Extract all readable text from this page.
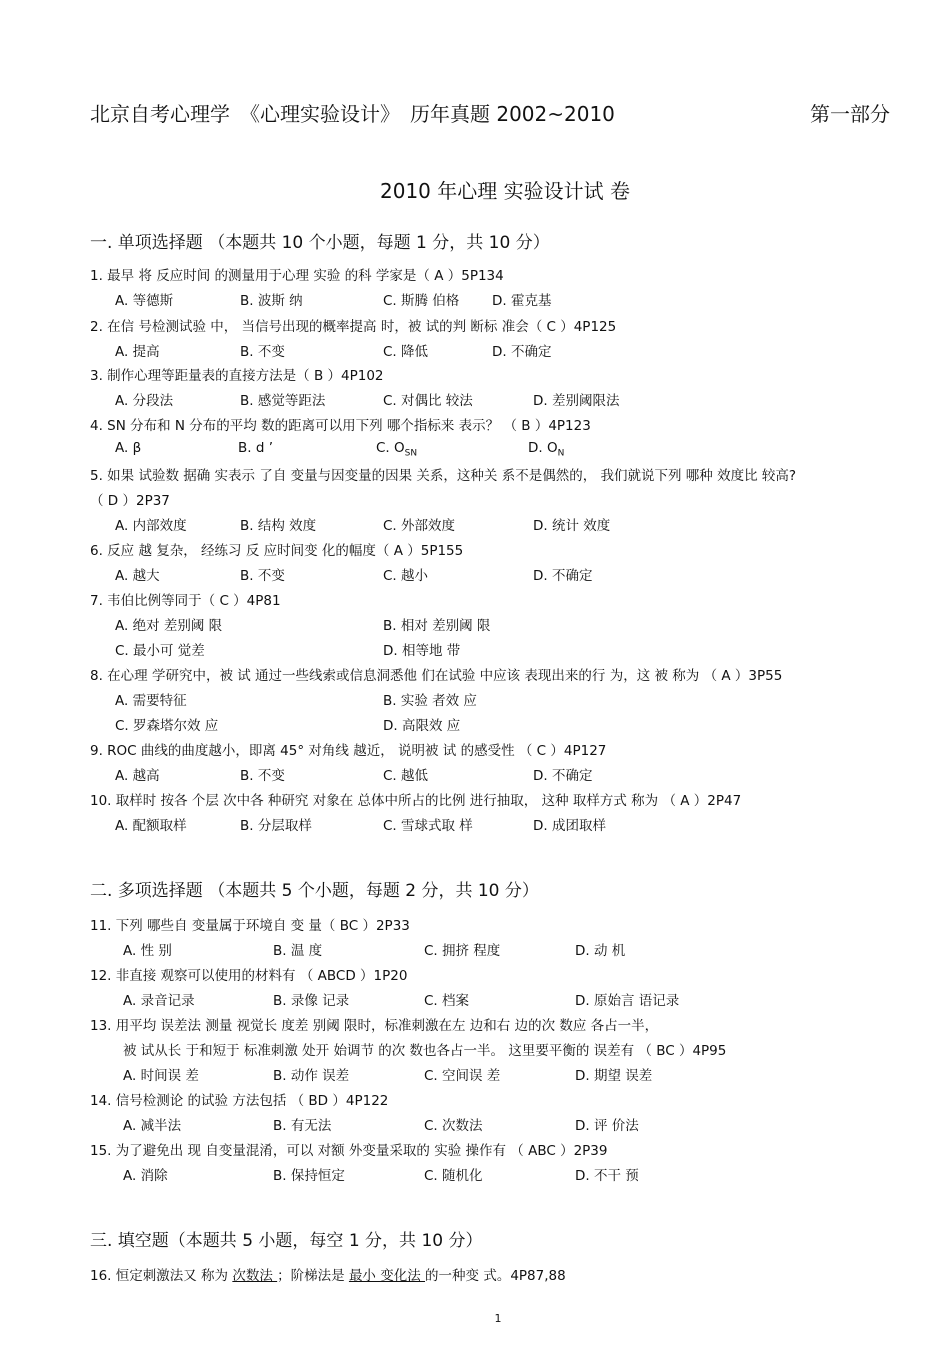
北京自考心理学　《心理实验设计》　历年真题 2002~2010	第一部分
2010 年心理 实验设计试 卷
一. 单项选择题 （本题共 10 个小题，每题 1 分，共 10 分）
1. 最早 将 反应时间 的测量用于心理 实验 的科 学家是（ A ）5P134
A. 等德斯	B. 波斯 纳	C. 斯腾 伯格 D. 霍克基
2. 在信 号检测试验 中， 当信号出现的概率提高 时，被 试的判 断标 准会（ C ）4P125
A. 提高	B. 不变	C. 降低	D. 不确定
3. 制作心理等距量表的直接方法是（ B ）4P102
A. 分段法	B. 感觉等距法	C. 对偶比 较法	D. 差别阈限法
4. SN 分布和 N 分布的平均 数的距离可以用下列 哪个指标来 表示？ （ B ）4P123
A. β	B. d ’	C. $O_{SN}$	D. $O_N$
5. 如果 试验数 据确 实表示 了自 变量与因变量的因果 关系，这种关 系不是偶然的， 我们就说下列 哪种 效度比 较高?
（ D ）2P37
A. 内部效度	B. 结构 效度	C. 外部效度	D. 统计 效度
6. 反应 越 复杂， 经练习 反 应时间变 化的幅度（ A ）5P155
A. 越大	B. 不变	C. 越小	D. 不确定
7. 韦伯比例等同于（ C ）4P81
A. 绝对 差别阈 限	B. 相对 差别阈 限
C. 最小可 觉差	D. 相等地 带
8. 在心理 学研究中，被 试 通过一些线索或信息洞悉他 们在试验 中应该 表现出来的行 为，这 被 称为 （ A ）3P55
A. 需要特征	B. 实验 者效 应
C. 罗森塔尔效 应	D. 高限效 应
9. ROC 曲线的曲度越小，即离 45° 对角线 越近， 说明被 试 的感受性 （ C ）4P127
A. 越高	B. 不变	C. 越低	D. 不确定
10. 取样时 按各 个层 次中各 种研究 对象在 总体中所占的比例 进行抽取， 这种 取样方式 称为 （ A ）2P47
A. 配额取样	B. 分层取样	C. 雪球式取 样	D. 成团取样
二. 多项选择题 （本题共 5 个小题，每题 2 分，共 10 分）
11. 下列 哪些自 变量属于环境自 变 量（ BC ）2P33
A. 性 别	B. 温 度	C. 拥挤 程度	D. 动 机
12. 非直接 观察可以使用的材料有 （ ABCD ）1P20
A. 录音记录	B. 录像 记录	C. 档案	D. 原始言 语记录
13. 用平均 误差法 测量 视觉长 度差 别阈 限时，标准刺激在左 边和右 边的次 数应 各占一半，
被 试从长 于和短于 标准刺激 处开 始调节 的次 数也各占一半。 这里要平衡的 误差有 （ BC ）4P95
A. 时间误 差	B. 动作 误差	C. 空间误 差	D. 期望 误差
14. 信号检测论 的试验 方法包括 （ BD ）4P122
A. 减半法	B. 有无法	C. 次数法	D. 评 价法
15. 为了避免出 现 自变量混淆，可以 对额 外变量采取的 实验 操作有 （ ABC ）2P39
A. 消除	B. 保持恒定	C. 随机化	D. 不干 预
三. 填空题（本题共 5 小题，每空 1 分，共 10 分）
16. 恒定刺激法又 称为 次数法 ；阶梯法是 最小 变化法 的一种变 式。4P87,88
1
